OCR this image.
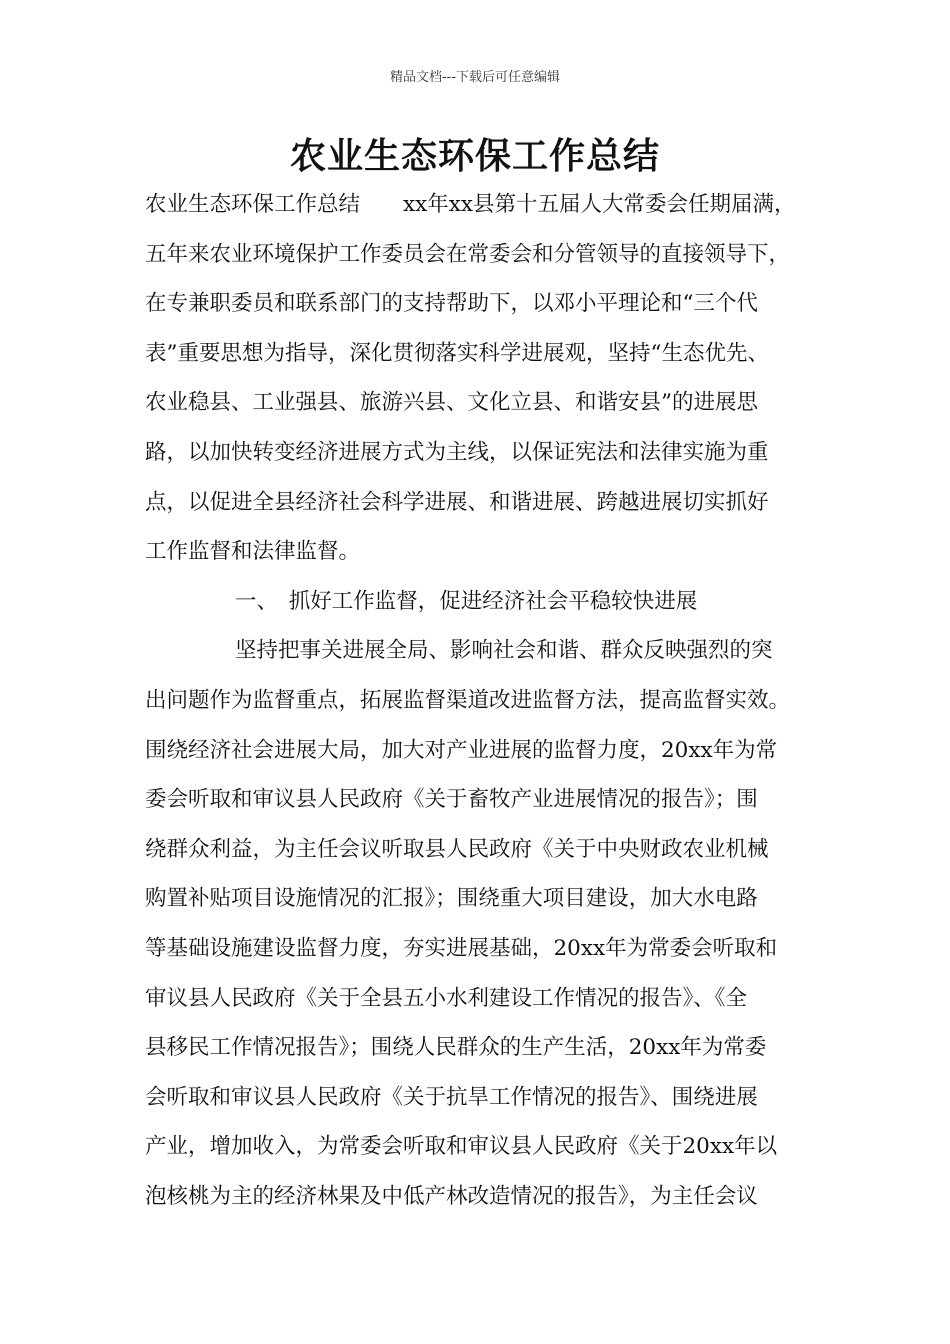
精品文档---下载后可任意编辑
农业生态环保工作总结
农业生态环保工作总结　　xx年xx县第十五届人大常委会任期届满，
五年来农业环境保护工作委员会在常委会和分管领导的直接领导下，
在专兼职委员和联系部门的支持帮助下，以邓小平理论和“三个代
表”重要思想为指导，深化贯彻落实科学进展观，坚持“生态优先、
农业稳县、工业强县、旅游兴县、文化立县、和谐安县”的进展思
路，以加快转变经济进展方式为主线，以保证宪法和法律实施为重
点，以促进全县经济社会科学进展、和谐进展、跨越进展切实抓好
工作监督和法律监督。
一、　抓好工作监督，促进经济社会平稳较快进展
坚持把事关进展全局、影响社会和谐、群众反映强烈的突
出问题作为监督重点，拓展监督渠道改进监督方法，提高监督实效。
围绕经济社会进展大局，加大对产业进展的监督力度，20xx年为常
委会听取和审议县人民政府《关于畜牧产业进展情况的报告》；围
绕群众利益，为主任会议听取县人民政府《关于中央财政农业机械
购置补贴项目设施情况的汇报》；围绕重大项目建设，加大水电路
等基础设施建设监督力度，夯实进展基础，20xx年为常委会听取和
审议县人民政府《关于全县五小水利建设工作情况的报告》、《全
县移民工作情况报告》；围绕人民群众的生产生活，20xx年为常委
会听取和审议县人民政府《关于抗旱工作情况的报告》、围绕进展
产业，增加收入，为常委会听取和审议县人民政府《关于20xx年以
泡核桃为主的经济林果及中低产林改造情况的报告》，为主任会议
